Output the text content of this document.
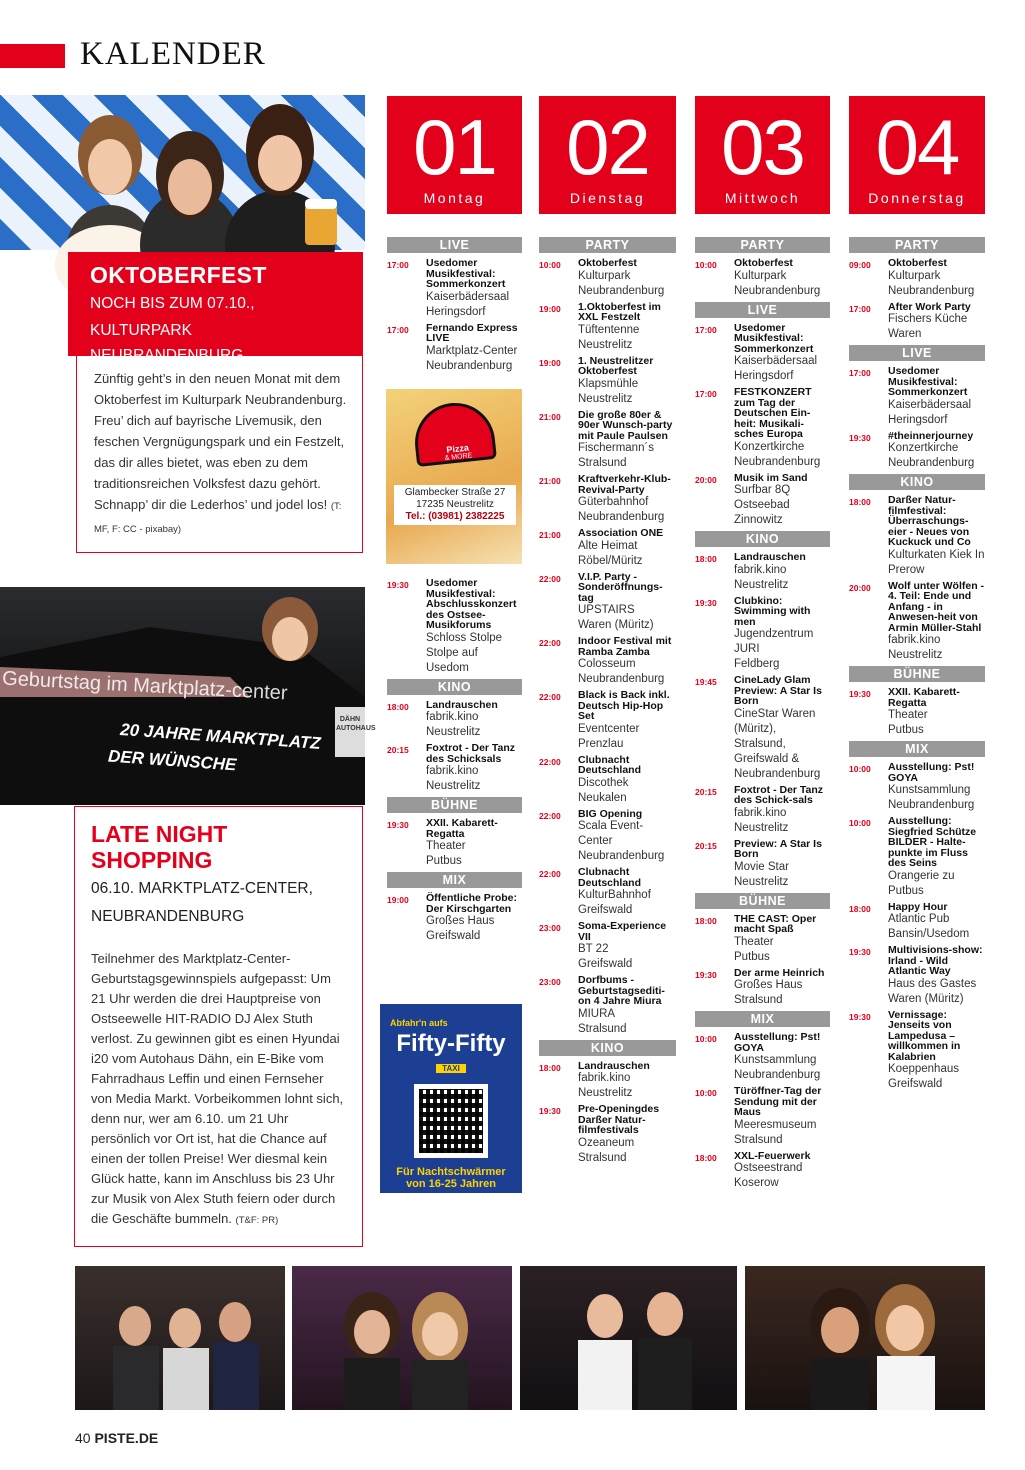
KALENDER
OKTOBERFEST
NOCH BIS ZUM 07.10.,
KULTURPARK NEUBRANDENBURG
Zünftig geht’s in den neuen Monat mit dem Oktoberfest im Kulturpark Neubrandenburg. Freu’ dich auf bayrische Livemusik, den feschen Vergnügungspark und ein Festzelt, das dir alles bietet, was eben zu dem traditionsreichen Volksfest dazu gehört. Schnapp’ dir die Lederhos’ und jodel los! (T: MF, F: CC - pixabay)
Geburtstag im Marktplatz-center
20 JAHRE MARKTPLATZ
DER WÜNSCHE
DÄHN AUTOHAUS
LATE NIGHT
SHOPPING
06.10. MARKTPLATZ-CENTER,
NEUBRANDENBURG

Teilnehmer des Marktplatz-Center-Geburtstagsgewinnspiels aufgepasst: Um 21 Uhr werden die drei Hauptpreise von Ostseewelle HIT-RADIO DJ Alex Stuth verlost. Zu gewinnen gibt es einen Hyundai i20 vom Autohaus Dähn, ein E-Bike vom Fahrradhaus Leffin und einen Fernseher von Media Markt. Vorbeikommen lohnt sich, denn nur, wer am 6.10. um 21 Uhr persönlich vor Ort ist, hat die Chance auf einen der tollen Preise! Wer diesmal kein Glück hatte, kann im Anschluss bis 23 Uhr zur Musik von Alex Stuth feiern oder durch die Geschäfte bummeln. (T&F: PR)

01
Montag
02
Dienstag
03
Mittwoch
04
Donnerstag
LIVE
17:00	Usedomer Musikfestival: Sommerkonzert
Kaiserbädersaal
Heringsdorf
17:00	Fernando Express LIVE
Marktplatz-Center
Neubrandenburg
19:30	Usedomer Musikfestival: Abschlusskonzert des Ostsee-Musikforums
Schloss Stolpe
Stolpe auf Usedom
KINO
18:00	Landrauschen
fabrik.kino
Neustrelitz
20:15	Foxtrot - Der Tanz des Schicksals
fabrik.kino
Neustrelitz
BÜHNE
19:30	XXII. Kabarett-Regatta
Theater
Putbus
MIX
19:00	Öffentliche Probe: Der Kirschgarten
Großes Haus
Greifswald
PARTY
10:00	Oktoberfest
Kulturpark
Neubrandenburg
19:00	1.Oktoberfest im XXL Festzelt
Tüftentenne
Neustrelitz
19:00	1. Neustrelitzer Oktoberfest
Klapsmühle
Neustrelitz
21:00	Die große 80er & 90er Wunsch-party mit Paule Paulsen
Fischermann´s
Stralsund
21:00	Kraftverkehr-Klub-Revival-Party
Güterbahnhof
Neubrandenburg
21:00	Association ONE
Alte Heimat
Röbel/Müritz
22:00	V.I.P. Party - Sonderöffnungs-tag
UPSTAIRS
Waren (Müritz)
22:00	Indoor Festival mit Ramba Zamba
Colosseum
Neubrandenburg
22:00	Black is Back inkl. Deutsch Hip-Hop Set
Eventcenter
Prenzlau
22:00	Clubnacht Deutschland
Discothek
Neukalen
22:00	BIG Opening
Scala Event-Center
Neubrandenburg
22:00	Clubnacht Deutschland
KulturBahnhof
Greifswald
23:00	Soma-Experience VII
BT 22
Greifswald
23:00	Dorfbums - Geburtstagsediti-on 4 Jahre Miura
MIURA
Stralsund
KINO
18:00	Landrauschen
fabrik.kino
Neustrelitz
19:30	Pre-Openingdes Darßer Natur-filmfestivals
Ozeaneum
Stralsund
PARTY
10:00	Oktoberfest
Kulturpark
Neubrandenburg
LIVE
17:00	Usedomer Musikfestival: Sommerkonzert
Kaiserbädersaal
Heringsdorf
17:00	FESTKONZERT zum Tag der Deutschen Ein-heit: Musikali-sches Europa
Konzertkirche
Neubrandenburg
20:00	Musik im Sand
Surfbar 8Q
Ostseebad Zinnowitz
KINO
18:00	Landrauschen
fabrik.kino
Neustrelitz
19:30	Clubkino: Swimming with men
Jugendzentrum JURI
Feldberg
19:45	CineLady Glam Preview: A Star Is Born
CineStar Waren (Müritz),
Stralsund, Greifswald & Neubrandenburg
20:15	Foxtrot - Der Tanz des Schick-sals
fabrik.kino
Neustrelitz
20:15	Preview: A Star Is Born
Movie Star
Neustrelitz
BÜHNE
18:00	THE CAST: Oper macht Spaß
Theater
Putbus
19:30	Der arme Heinrich
Großes Haus
Stralsund
MIX
10:00	Ausstellung: Pst! GOYA
Kunstsammlung
Neubrandenburg
10:00	Türöffner-Tag der Sendung mit der Maus
Meeresmuseum
Stralsund
18:00	XXL-Feuerwerk
Ostseestrand
Koserow
PARTY
09:00	Oktoberfest
Kulturpark
Neubrandenburg
17:00	After Work Party
Fischers Küche
Waren
LIVE
17:00	Usedomer Musikfestival: Sommerkonzert
Kaiserbädersaal
Heringsdorf
19:30	#theinnerjourney
Konzertkirche
Neubrandenburg
KINO
18:00	Darßer Natur-filmfestival: Überraschungs-eier - Neues von Kuckuck und Co
Kulturkaten Kiek In
Prerow
20:00	Wolf unter Wölfen - 4. Teil: Ende und Anfang - in Anwesen-heit von Armin Müller-Stahl
fabrik.kino
Neustrelitz
BÜHNE
19:30	XXII. Kabarett-Regatta
Theater
Putbus
MIX
10:00	Ausstellung: Pst! GOYA
Kunstsammlung
Neubrandenburg
10:00	Ausstellung: Siegfried Schütze BILDER - Halte-punkte im Fluss des Seins
Orangerie zu
Putbus
18:00	Happy Hour
Atlantic Pub
Bansin/Usedom
19:30	Multivisions-show: Irland - Wild Atlantic Way
Haus des Gastes
Waren (Müritz)
19:30	Vernissage: Jenseits von Lampedusa – willkommen in Kalabrien
Koeppenhaus
Greifswald
Pizza
& MORE
Glambecker Straße 27
17235 Neustrelitz
Tel.: (03981) 2382225
Abfahr'n aufs
Fifty-Fifty
TAXI
Für Nachtschwärmer
von 16-25 Jahren
40 PISTE.DE
